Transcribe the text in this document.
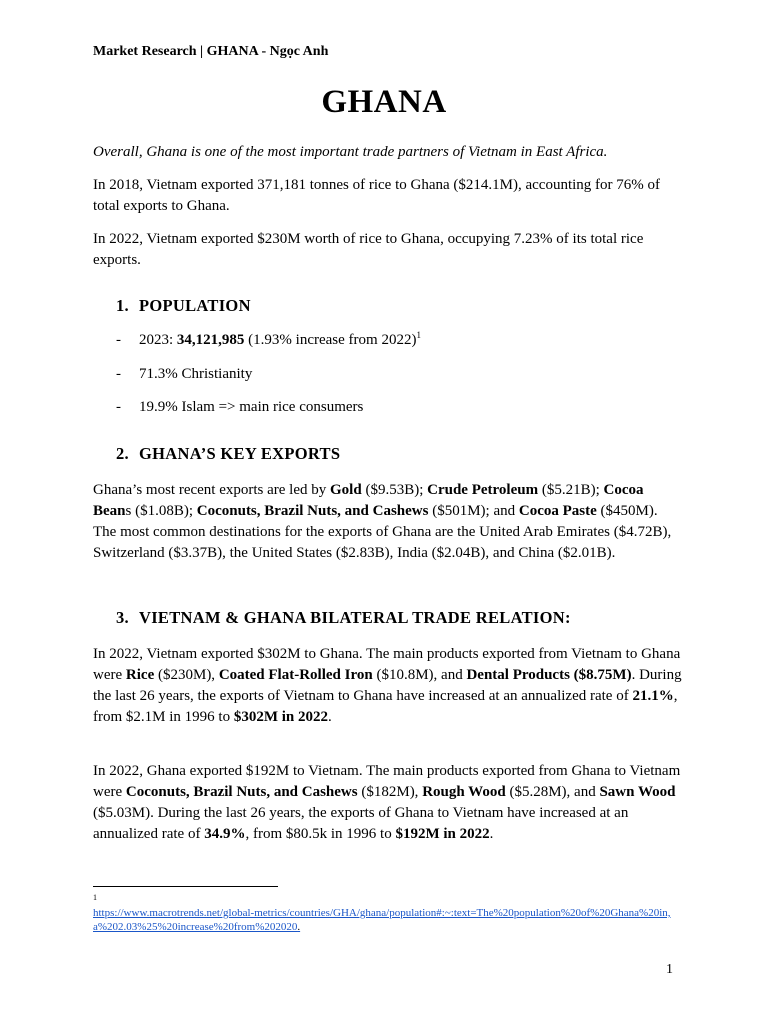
Market Research | GHANA - Ngọc Anh
GHANA
Overall, Ghana is one of the most important trade partners of Vietnam in East Africa.
In 2018, Vietnam exported 371,181 tonnes of rice to Ghana ($214.1M), accounting for 76% of total exports to Ghana.
In 2022, Vietnam exported $230M worth of rice to Ghana, occupying 7.23% of its total rice exports.
1. POPULATION
- 2023: 34,121,985 (1.93% increase from 2022)$^1$
- 71.3% Christianity
- 19.9% Islam => main rice consumers
2. GHANA’S KEY EXPORTS
Ghana’s most recent exports are led by Gold ($9.53B); Crude Petroleum ($5.21B); Cocoa Beans ($1.08B); Coconuts, Brazil Nuts, and Cashews ($501M); and Cocoa Paste ($450M). The most common destinations for the exports of Ghana are the United Arab Emirates ($4.72B), Switzerland ($3.37B), the United States ($2.83B), India ($2.04B), and China ($2.01B).
3. VIETNAM & GHANA BILATERAL TRADE RELATION:
In 2022, Vietnam exported $302M to Ghana. The main products exported from Vietnam to Ghana were Rice ($230M), Coated Flat-Rolled Iron ($10.8M), and Dental Products ($8.75M). During the last 26 years, the exports of Vietnam to Ghana have increased at an annualized rate of 21.1%, from $2.1M in 1996 to $302M in 2022.
In 2022, Ghana exported $192M to Vietnam. The main products exported from Ghana to Vietnam were Coconuts, Brazil Nuts, and Cashews ($182M), Rough Wood ($5.28M), and Sawn Wood ($5.03M). During the last 26 years, the exports of Ghana to Vietnam have increased at an annualized rate of 34.9%, from $80.5k in 1996 to $192M in 2022.
1
https://www.macrotrends.net/global-metrics/countries/GHA/ghana/population#:~:text=The%20population%20of%20Ghana%20in,a%202.03%25%20increase%20from%202020.
1
